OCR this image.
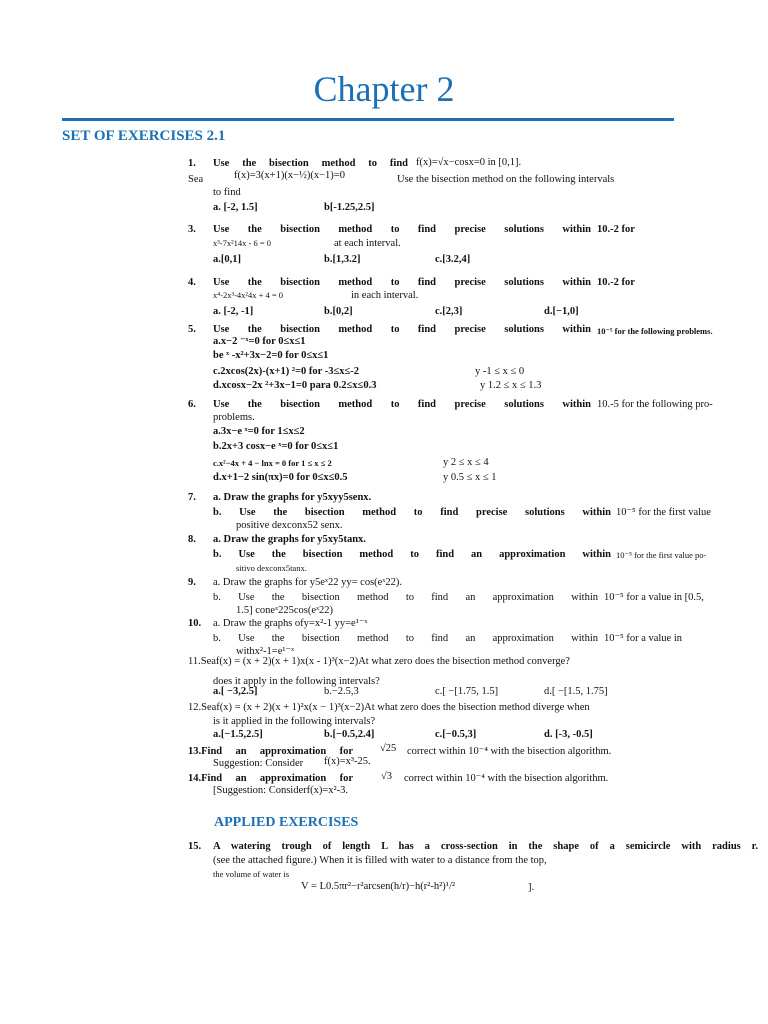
Chapter 2
SET OF EXERCISES 2.1
1. Use the bisection method to find f(x)=√x−cosx=0 in [0,1].
Sea	f(x)=3(x+1)(x−½)(x−1)=0	Use the bisection method on the following intervals
to find
a. [-2, 1.5]	b[-1.25,2.5]
3. Use the bisection method to find precise solutions within 10.-2 for
x³-7x²14x - 6 = 0	at each interval.
a.[0,1]	b.[1,3.2]	c.[3.2,4]
4. Use the bisection method to find precise solutions within 10.-2 for
x⁴-2x³-4x²4x + 4 = 0	in each interval.
a. [-2, -1]	b.[0,2]	c.[2,3]	d.[−1,0]
5. Use the bisection method to find precise solutions within 10⁻⁵ for the following problems.
a.x−2 ⁻ˣ=0 for 0≤x≤1
be ˣ -x²+3x−2=0 for 0≤x≤1
c.2xcos(2x)-(x+1) ²=0 for -3≤x≤-2	y -1 ≤ x ≤ 0
d.xcosx−2x ²+3x−1=0 para 0.2≤x≤0.3	y 1.2 ≤ x ≤ 1.3
6. Use the bisection method to find precise solutions within 10.-5 for the following pro-
problems.
a.3x−e ˣ=0 for 1≤x≤2
b.2x+3 cosx−e ˣ=0 for 0≤x≤1
c.x²−4x + 4 − lnx = 0 for 1 ≤ x ≤ 2	y 2 ≤ x ≤ 4
d.x+1−2 sin(πx)=0 for 0≤x≤0.5	y 0.5 ≤ x ≤ 1
7. a. Draw the graphs for y5xyy5senx.
b. Use the bisection method to find precise solutions within 10⁻⁵ for the first value
positive dexconx52 senx.
8. a. Draw the graphs for y5xy5tanx.
b. Use the bisection method to find an approximation within 10⁻⁵ for the first value po-
sitivo dexconx5tanx.
9. a. Draw the graphs for y5eˣ22 yy= cos(eˣ22).
b. Use the bisection method to find an approximation within 10⁻⁵ for a value in [0.5,
1.5] coneˣ225cos(eˣ22)
10. a. Draw the graphs ofy=x²-1 yy=e¹⁻ˣ
b. Use the bisection method to find an approximation within 10⁻⁵ for a value in
withx²-1=e¹⁻ˣ
11.Seaf(x) = (x + 2)(x + 1)x(x - 1)³(x−2)At what zero does the bisection method converge?
does it apply in the following intervals?
a.[ −3,2.5]	b.−2.5,3	c.[ −[1.75, 1.5]	d.[ −[1.5, 1.75]
12.Seaf(x) = (x + 2)(x + 1)²x(x − 1)³(x−2)At what zero does the bisection method diverge when
is it applied in the following intervals?
a.[−1.5,2.5]	b.[−0.5,2.4]	c.[−0.5,3]	d. [-3, -0.5]
13.Find an approximation for	√25 correct within 10⁻⁴ with the bisection algorithm.
Suggestion: Consider f(x)=x³-25.
14.Find an approximation for	√3 correct within 10⁻⁴ with the bisection algorithm.
[Suggestion: Considerf(x)=x²-3.
APPLIED EXERCISES
15. A watering trough of length L has a cross-section in the shape of a semicircle with radius r.
(see the attached figure.) When it is filled with water to a distance from the top,
the volume of water is
V = L0.5πr²−r²arcsen(h/r)−h(r²-h²)¹/²	].
